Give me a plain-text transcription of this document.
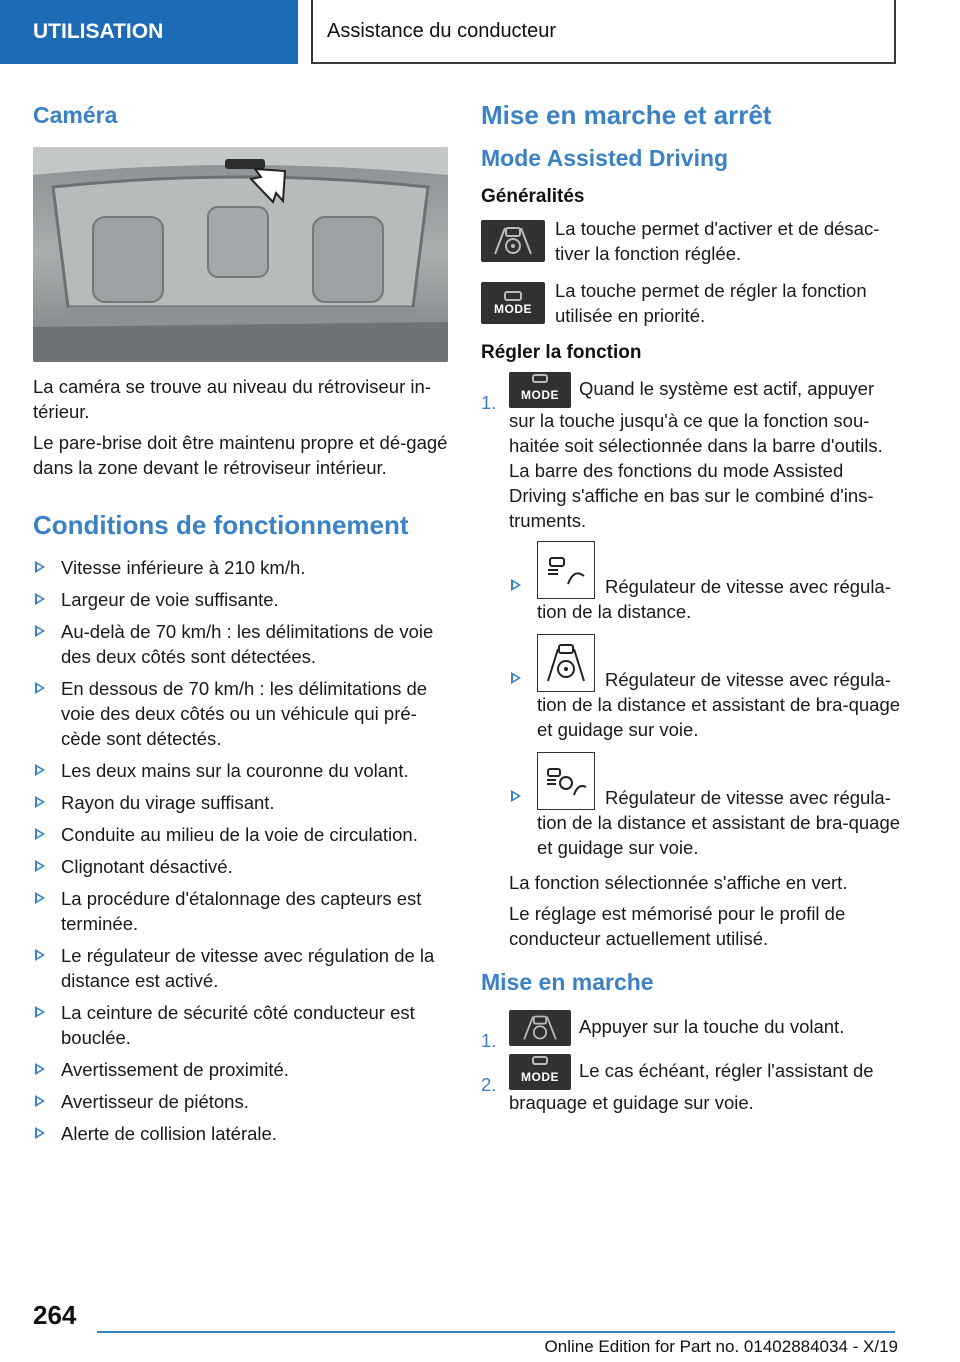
UTILISATION	Assistance du conducteur
Caméra

La caméra se trouve au niveau du rétroviseur in-térieur.

Le pare-brise doit être maintenu propre et dé-gagé dans la zone devant le rétroviseur intérieur.

Conditions de fonctionnement
Vitesse inférieure à 210 km/h.
Largeur de voie suffisante.
Au-delà de 70 km/h : les délimitations de voie des deux côtés sont détectées.
En dessous de 70 km/h : les délimitations de voie des deux côtés ou un véhicule qui pré-cède sont détectés.
Les deux mains sur la couronne du volant.
Rayon du virage suffisant.
Conduite au milieu de la voie de circulation.
Clignotant désactivé.
La procédure d'étalonnage des capteurs est terminée.
Le régulateur de vitesse avec régulation de la distance est activé.
La ceinture de sécurité côté conducteur est bouclée.
Avertissement de proximité.
Avertisseur de piétons.
Alerte de collision latérale.
Mise en marche et arrêt
Mode Assisted Driving
Généralités

La touche permet d'activer et de désac-tiver la fonction réglée.

MODE

La touche permet de régler la fonction utilisée en priorité.

Régler la fonction
1. MODE Quand le système est actif, appuyer sur la touche jusqu'à ce que la fonction sou-haitée soit sélectionnée dans la barre d'outils. La barre des fonctions du mode Assisted Driving s'affiche en bas sur le combiné d'ins-truments.
Régulateur de vitesse avec régula-tion de la distance.
Régulateur de vitesse avec régula-tion de la distance et assistant de bra-quage et guidage sur voie.
Régulateur de vitesse avec régula-tion de la distance et assistant de bra-quage et guidage sur voie.

La fonction sélectionnée s'affiche en vert.

Le réglage est mémorisé pour le profil de conducteur actuellement utilisé.

Mise en marche
1.
Appuyer sur la touche du volant.
2. MODE Le cas échéant, régler l'assistant de braquage et guidage sur voie.
264
Online Edition for Part no. 01402884034 - X/19
